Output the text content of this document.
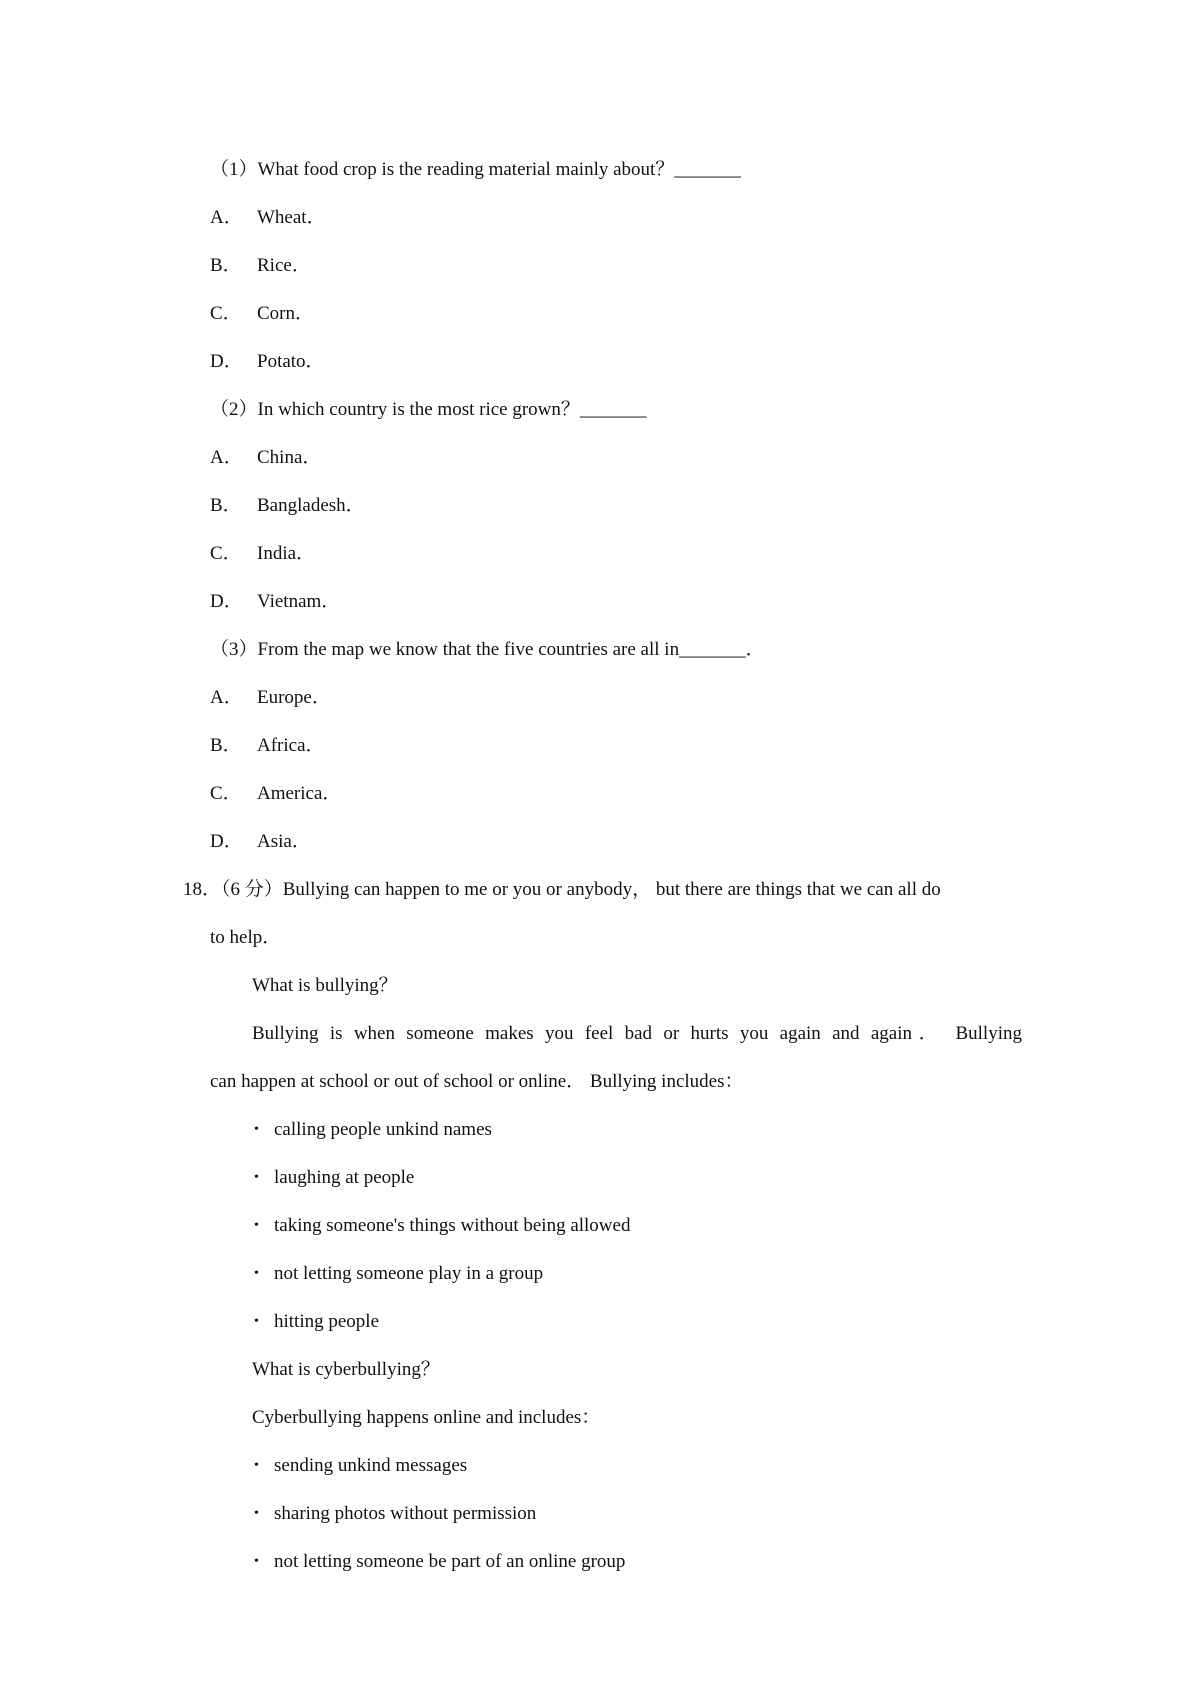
（1）What food crop is the reading material mainly about？_______
A． Wheat．
B． Rice．
C． Corn．
D． Potato．
（2）In which country is the most rice grown？_______
A． China．
B． Bangladesh．
C． India．
D． Vietnam．
（3）From the map we know that the five countries are all in_______．
A． Europe．
B． Africa．
C． America．
D． Asia．
18．（6 分）Bullying can happen to me or you or anybody， but there are things that we can all do
to help．
What is bullying？
Bullying is when someone makes you feel bad or hurts you again and again． Bullying
can happen at school or out of school or online． Bullying includes：
• calling people unkind names
• laughing at people
• taking someone's things without being allowed
• not letting someone play in a group
• hitting people
What is cyberbullying？
Cyberbullying happens online and includes：
• sending unkind messages
• sharing photos without permission
• not letting someone be part of an online group
